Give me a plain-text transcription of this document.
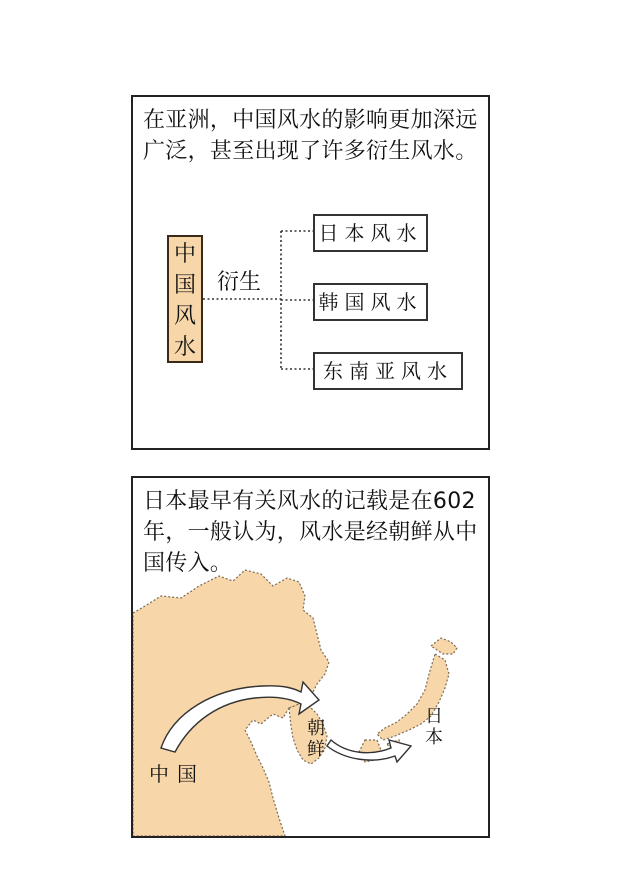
在亚洲，中国风水的影响更加深远广泛，甚至出现了许多衍生风水。
中
国
风
水
衍生
日本风水
韩国风水
东南亚风水
日本最早有关风水的记载是在602年，一般认为，风水是经朝鲜从中国传入。
中国
朝
鲜
日
本
